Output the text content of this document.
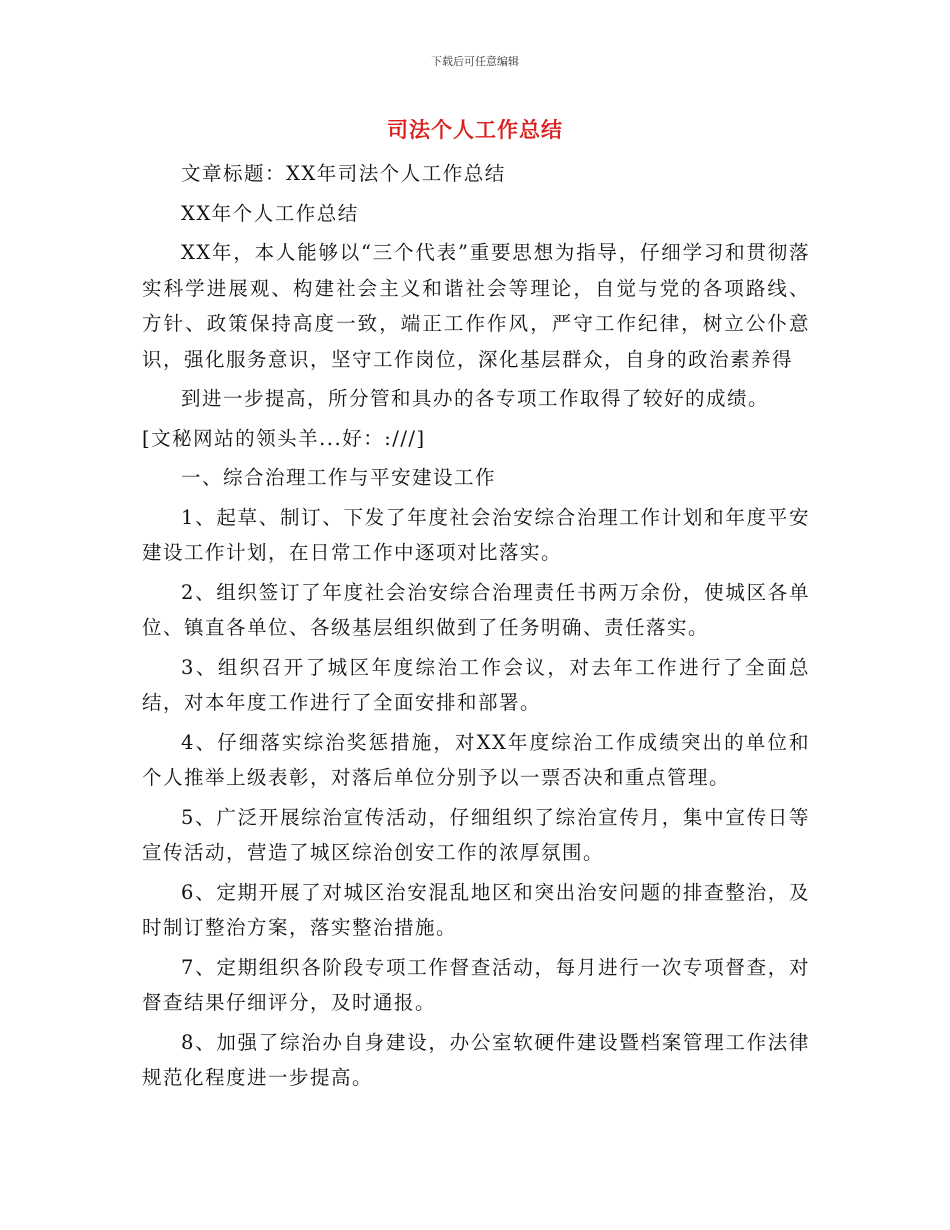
下载后可任意编辑
司法个人工作总结

文章标题：XX年司法个人工作总结

XX年个人工作总结

XX年，本人能够以“三个代表”重要思想为指导，仔细学习和贯彻落实科学进展观、构建社会主义和谐社会等理论，自觉与党的各项路线、方针、政策保持高度一致，端正工作作风，严守工作纪律，树立公仆意识，强化服务意识，坚守工作岗位，深化基层群众，自身的政治素养得

到进一步提高，所分管和具办的各专项工作取得了较好的成绩。

[文秘网站的领头羊...好：:///]

一、综合治理工作与平安建设工作

1、起草、制订、下发了年度社会治安综合治理工作计划和年度平安建设工作计划，在日常工作中逐项对比落实。

2、组织签订了年度社会治安综合治理责任书两万余份，使城区各单位、镇直各单位、各级基层组织做到了任务明确、责任落实。

3、组织召开了城区年度综治工作会议，对去年工作进行了全面总结，对本年度工作进行了全面安排和部署。

4、仔细落实综治奖惩措施，对XX年度综治工作成绩突出的单位和个人推举上级表彰，对落后单位分别予以一票否决和重点管理。

5、广泛开展综治宣传活动，仔细组织了综治宣传月，集中宣传日等宣传活动，营造了城区综治创安工作的浓厚氛围。

6、定期开展了对城区治安混乱地区和突出治安问题的排查整治，及时制订整治方案，落实整治措施。

7、定期组织各阶段专项工作督查活动，每月进行一次专项督查，对督查结果仔细评分，及时通报。

8、加强了综治办自身建设，办公室软硬件建设暨档案管理工作法律规范化程度进一步提高。
